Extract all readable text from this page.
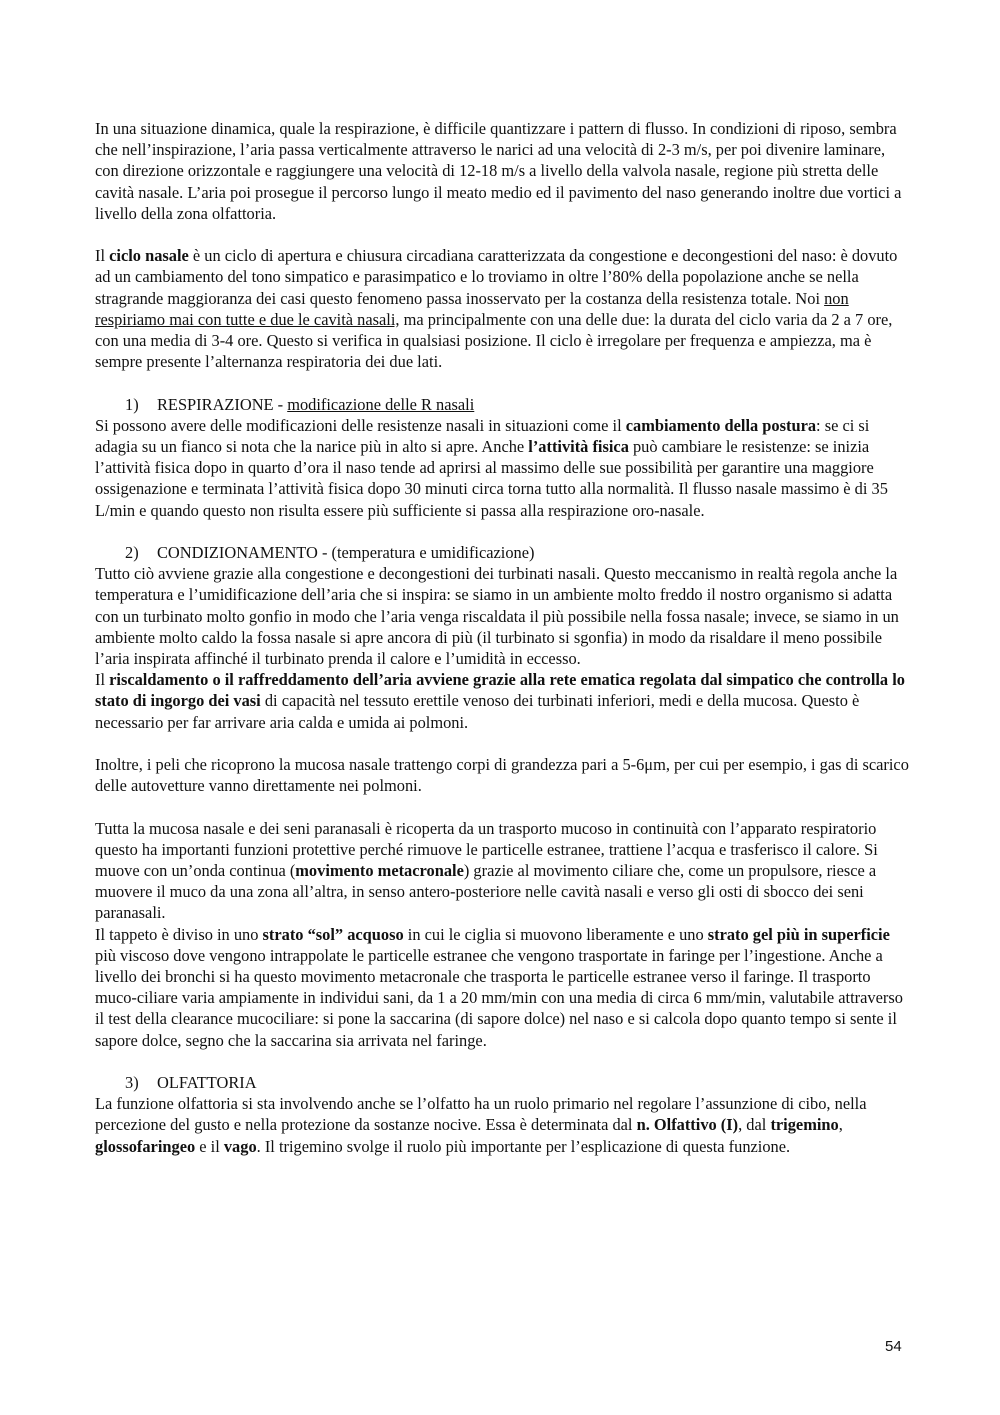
In una situazione dinamica, quale la respirazione, è difficile quantizzare i pattern di flusso. In condizioni di riposo, sembra che nell’inspirazione, l’aria passa verticalmente attraverso le narici ad una velocità di 2-3 m/s, per poi divenire laminare, con direzione orizzontale e raggiungere una velocità di 12-18 m/s a livello della valvola nasale, regione più stretta delle cavità nasale. L’aria poi prosegue il percorso lungo il meato medio ed il pavimento del naso generando inoltre due vortici a livello della zona olfattoria.

Il ciclo nasale è un ciclo di apertura e chiusura circadiana caratterizzata da congestione e decongestioni del naso: è dovuto ad un cambiamento del tono simpatico e parasimpatico e lo troviamo in oltre l’80% della popolazione anche se nella stragrande maggioranza dei casi questo fenomeno passa inosservato per la costanza della resistenza totale. Noi non respiriamo mai con tutte e due le cavità nasali, ma principalmente con una delle due: la durata del ciclo varia da 2 a 7 ore, con una media di 3-4 ore. Questo si verifica in qualsiasi posizione. Il ciclo è irregolare per frequenza e ampiezza, ma è sempre presente l’alternanza respiratoria dei due lati.

1) RESPIRAZIONE - modificazione delle R nasali

Si possono avere delle modificazioni delle resistenze nasali in situazioni come il cambiamento della postura: se ci si adagia su un fianco si nota che la narice più in alto si apre. Anche l’attività fisica può cambiare le resistenze: se inizia l’attività fisica dopo in quarto d’ora il naso tende ad aprirsi al massimo delle sue possibilità per garantire una maggiore ossigenazione e terminata l’attività fisica dopo 30 minuti circa torna tutto alla normalità. Il flusso nasale massimo è di 35 L/min e quando questo non risulta essere più sufficiente si passa alla respirazione oro-nasale.

2) CONDIZIONAMENTO - (temperatura e umidificazione)

Tutto ciò avviene grazie alla congestione e decongestioni dei turbinati nasali. Questo meccanismo in realtà regola anche la temperatura e l’umidificazione dell’aria che si inspira: se siamo in un ambiente molto freddo il nostro organismo si adatta con un turbinato molto gonfio in modo che l’aria venga riscaldata il più possibile nella fossa nasale; invece, se siamo in un ambiente molto caldo la fossa nasale si apre ancora di più (il turbinato si sgonfia) in modo da risaldare il meno possibile l’aria inspirata affinché il turbinato prenda il calore e l’umidità in eccesso.

Il riscaldamento o il raffreddamento dell’aria avviene grazie alla rete ematica regolata dal simpatico che controlla lo stato di ingorgo dei vasi di capacità nel tessuto erettile venoso dei turbinati inferiori, medi e della mucosa. Questo è necessario per far arrivare aria calda e umida ai polmoni.

Inoltre, i peli che ricoprono la mucosa nasale trattengo corpi di grandezza pari a 5-6μm, per cui per esempio, i gas di scarico delle autovetture vanno direttamente nei polmoni.

Tutta la mucosa nasale e dei seni paranasali è ricoperta da un trasporto mucoso in continuità con l’apparato respiratorio questo ha importanti funzioni protettive perché rimuove le particelle estranee, trattiene l’acqua e trasferisco il calore. Si muove con un’onda continua (movimento metacronale) grazie al movimento ciliare che, come un propulsore, riesce a muovere il muco da una zona all’altra, in senso antero-posteriore nelle cavità nasali e verso gli osti di sbocco dei seni paranasali.

Il tappeto è diviso in uno strato “sol” acquoso in cui le ciglia si muovono liberamente e uno strato gel più in superficie più viscoso dove vengono intrappolate le particelle estranee che vengono trasportate in faringe per l’ingestione. Anche a livello dei bronchi si ha questo movimento metacronale che trasporta le particelle estranee verso il faringe. Il trasporto muco-ciliare varia ampiamente in individui sani, da 1 a 20 mm/min con una media di circa 6 mm/min, valutabile attraverso il test della clearance mucociliare: si pone la saccarina (di sapore dolce) nel naso e si calcola dopo quanto tempo si sente il sapore dolce, segno che la saccarina sia arrivata nel faringe.

3) OLFATTORIA

La funzione olfattoria si sta involvendo anche se l’olfatto ha un ruolo primario nel regolare l’assunzione di cibo, nella percezione del gusto e nella protezione da sostanze nocive. Essa è determinata dal n. Olfattivo (I), dal trigemino, glossofaringeo e il vago. Il trigemino svolge il ruolo più importante per l’esplicazione di questa funzione.

54
